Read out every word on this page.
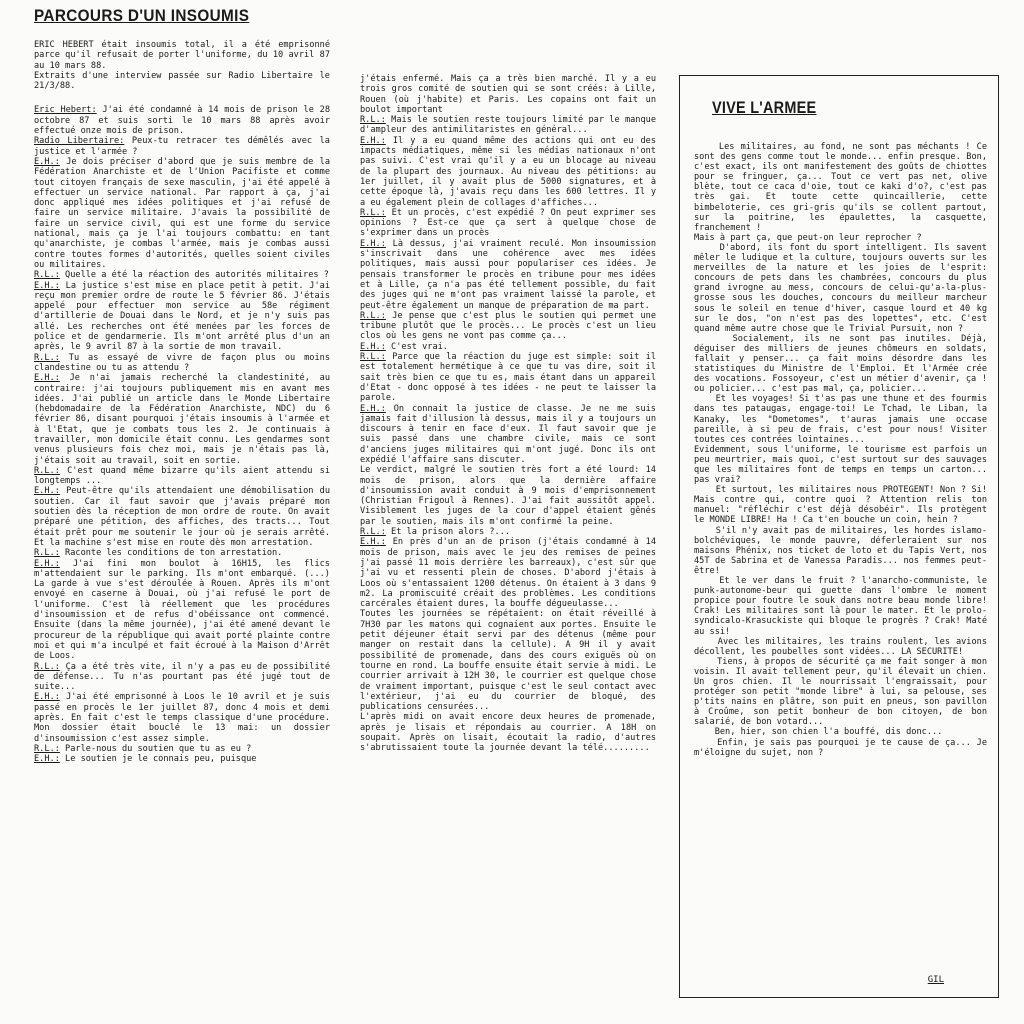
PARCOURS D'UN INSOUMIS

ERIC HEBERT était insoumis total, il a été emprisonné parce qu'il refusait de porter l'uniforme, du 10 avril 87 au 10 mars 88.

Extraits d'une interview passée sur Radio Libertaire le 21/3/88.

Eric Hebert: J'ai été condamné à 14 mois de prison le 28 octobre 87 et suis sorti le 10 mars 88 après avoir effectué onze mois de prison.

Radio Libertaire: Peux-tu retracer tes démêlés avec la justice et l'armée ?

E.H.: Je dois préciser d'abord que je suis membre de la Fédération Anarchiste et de l'Union Pacifiste et comme tout citoyen français de sexe masculin, j'ai été appelé à effectuer un service national. Par rapport à ça, j'ai donc appliqué mes idées politiques et j'ai refusé de faire un service militaire. J'avais la possibilité de faire un service civil, qui est une forme du service national, mais ça je l'ai toujours combattu: en tant qu'anarchiste, je combas l'armée, mais je combas aussi contre toutes formes d'autorités, quelles soient civiles ou militaires.

R.L.: Quelle a été la réaction des autorités militaires ?

E.H.: La justice s'est mise en place petit à petit. J'ai reçu mon premier ordre de route le 5 février 86. J'étais appelé pour effectuer mon service au 58e régiment d'artillerie de Douai dans le Nord, et je n'y suis pas allé. Les recherches ont été menées par les forces de police et de gendarmerie. Ils m'ont arrêté plus d'un an après, le 9 avril 87 à la sortie de mon travail.

R.L.: Tu as essayé de vivre de façon plus ou moins clandestine ou tu as attendu ?

E.H.: Je n'ai jamais recherché la clandestinité, au contraire: j'ai toujours publiquement mis en avant mes idées. J'ai publié un article dans le Monde Libertaire (hebdomadaire de la Fédération Anarchiste, NDC) du 6 février 86, disant pourquoi j'étais insoumis à l'armée et à l'Etat, que je combats tous les 2. Je continuais à travailler, mon domicile était connu. Les gendarmes sont venus plusieurs fois chez moi, mais je n'étais pas là, j'étais soit au travail, soit en sortie.

R.L.: C'est quand même bizarre qu'ils aient attendu si longtemps ...

E.H.: Peut-être qu'ils attendaient une démobilisation du soutien. Car il faut savoir que j'avais préparé mon soutien dès la réception de mon ordre de route. On avait préparé une pétition, des affiches, des tracts... Tout était prêt pour me soutenir le jour où je serais arrêté. Et la machine s'est mise en route dès mon arrestation.

R.L.: Raconte les conditions de ton arrestation.

E.H.: J'ai fini mon boulot à 16H15, les flics m'attendaient sur le parking. Ils m'ont embarqué. (...) La garde à vue s'est déroulée à Rouen. Après ils m'ont envoyé en caserne à Douai, où j'ai refusé le port de l'uniforme. C'est là réellement que les procédures d'insoumission et de refus d'obéissance ont commencé. Ensuite (dans la même journée), j'ai été amené devant le procureur de la république qui avait porté plainte contre moi et qui m'a inculpé et fait écroué à la Maison d'Arrêt de Loos.

R.L.: Ça a été très vite, il n'y a pas eu de possibilité de défense... Tu n'as pourtant pas été jugé tout de suite...

E.H.: J'ai été emprisonné à Loos le 10 avril et je suis passé en procès le 1er juillet 87, donc 4 mois et demi après. En fait c'est le temps classique d'une procédure. Mon dossier était bouclé le 13 mai: un dossier d'insoumission c'est assez simple.

R.L.: Parle-nous du soutien que tu as eu ?

E.H.: Le soutien je le connais peu, puisque

j'étais enfermé. Mais ça a très bien marché. Il y a eu trois gros comité de soutien qui se sont créés: à Lille, Rouen (où j'habite) et Paris. Les copains ont fait un boulot important

R.L.: Mais le soutien reste toujours limité par le manque d'ampleur des antimilitaristes en général...

E.H.: Il y a eu quand même des actions qui ont eu des impacts médiatiques, même si les médias nationaux n'ont pas suivi. C'est vrai qu'il y a eu un blocage au niveau de la plupart des journaux. Au niveau des pétitions: au 1er juillet, il y avait plus de 5000 signatures, et à cette époque là, j'avais reçu dans les 600 lettres. Il y a eu également plein de collages d'affiches...

R.L.: Et un procès, c'est expédié ? On peut exprimer ses opinions ? Est-ce que ça sert à quelque chose de s'exprimer dans un procès

E.H.: Là dessus, j'ai vraiment reculé. Mon insoumission s'inscrivait dans une cohérence avec mes idées politiques, mais aussi pour populariser ces idées. Je pensais transformer le procès en tribune pour mes idées et à Lille, ça n'a pas été tellement possible, du fait des juges qui ne m'ont pas vraiment laissé la parole, et peut-être également un manque de préparation de ma part.

R.L.: Je pense que c'est plus le soutien qui permet une tribune plutôt que le procès... Le procès c'est un lieu clos où les gens ne vont pas comme ça...

E.H.: C'est vrai.

R.L.: Parce que la réaction du juge est simple: soit il est totalement hermétique à ce que tu vas dire, soit il sait très bien ce que tu es, mais étant dans un appareil d'Etat - donc opposé à tes idées - ne peut te laisser la parole.

E.H.: On connait la justice de classe. Je ne me suis jamais fait d'illusion là dessus, mais il y a toujours un discours à tenir en face d'eux. Il faut savoir que je suis passé dans une chambre civile, mais ce sont d'anciens juges militaires qui m'ont jugé. Donc ils ont expédié l'affaire sans discuter.

Le verdict, malgré le soutien très fort a été lourd: 14 mois de prison, alors que la dernière affaire d'insoumission avait conduit à 9 mois d'emprisonnement (Christian Frigoul à Rennes). J'ai fait aussitôt appel. Visiblement les juges de la cour d'appel étaient gênés par le soutien, mais ils m'ont confirmé la peine.

R.L.: Et la prison alors ?...

E.H.: En près d'un an de prison (j'étais condamné à 14 mois de prison, mais avec le jeu des remises de peines j'ai passé 11 mois derrière les barreaux), c'est sûr que j'ai vu et ressenti plein de choses. D'abord j'étais à Loos où s'entassaient 1200 détenus. On étaient à 3 dans 9 m2. La promiscuité créait des problèmes. Les conditions carcérales étaient dures, la bouffe dégueulasse...

Toutes les journées se répétaient: on était réveillé à 7H30 par les matons qui cognaient aux portes. Ensuite le petit déjeuner était servi par des détenus (même pour manger on restait dans la cellule). A 9H il y avait possibilité de promenade, dans des cours exiguës où on tourne en rond. La bouffe ensuite était servie à midi. Le courrier arrivait à 12H 30, le courrier est quelque chose de vraiment important, puisque c'est le seul contact avec l'extérieur, j'ai eu du courrier de bloqué, des publications censurées...

L'après midi on avait encore deux heures de promenade, après je lisais et répondais au courrier. A 18H on soupait. Après on lisait, écoutait la radio, d'autres s'abrutissaient toute la journée devant la télé.........

VIVE L'ARMEE

Les militaires, au fond, ne sont pas méchants ! Ce sont des gens comme tout le monde... enfin presque. Bon, c'est exact, ils ont manifestement des goûts de chiottes pour se fringuer, ça... Tout ce vert pas net, olive blète, tout ce caca d'oie, tout ce kaki d'o?, c'est pas très gai. Et toute cette quincaillerie, cette bimbeloterie, ces gri-gris qu'ils se collent partout, sur la poitrine, les épaulettes, la casquette, franchement !

Mais à part ça, que peut-on leur reprocher ?

D'abord, ils font du sport intelligent. Ils savent mêler le ludique et la culture, toujours ouverts sur les merveilles de la nature et les joies de l'esprit: concours de pets dans les chambrées, concours du plus grand ivrogne au mess, concours de celui-qu'a-la-plus-grosse sous les douches, concours du meilleur marcheur sous le soleil en tenue d'hiver, casque lourd et 40 kg sur le dos, "on n'est pas des lopettes", etc. C'est quand même autre chose que le Trivial Pursuit, non ?

Socialement, ils ne sont pas inutiles. Déjà, déguiser des milliers de jeunes chômeurs en soldats, fallait y penser... ça fait moins désordre dans les statistiques du Ministre de l'Emploi. Et l'Armée crée des vocations. Fossoyeur, c'est un métier d'avenir, ça ! ou policier... c'est pas mal, ça, policier...

Et les voyages! Si t'as pas une thune et des fourmis dans tes pataugas, engage-toi! Le Tchad, le Liban, la Kanaky, les "Dometomes", t'auras jamais une occase pareille, à si peu de frais, c'est pour nous! Visiter toutes ces contrées lointaines...

Evidemment, sous l'uniforme, le tourisme est parfois un peu meurtrier, mais quoi, c'est surtout sur des sauvages que les militaires font de temps en temps un carton... pas vrai?

Et surtout, les militaires nous PROTEGENT! Non ? Si! Mais contre qui, contre quoi ? Attention relis ton manuel: "réfléchir c'est déjà désobéir". Ils protègent le MONDE LIBRE! Ha ! Ca t'en bouche un coin, hein ?

S'il n'y avait pas de militaires, les hordes islamo-bolchéviques, le monde pauvre, déferleraient sur nos maisons Phénix, nos ticket de loto et du Tapis Vert, nos 45T de Sabrina et de Vanessa Paradis... nos femmes peut-être!

Et le ver dans le fruit ? l'anarcho-communiste, le punk-autonome-beur qui guette dans l'ombre le moment propice pour foutre le souk dans notre beau monde libre! Crak! Les militaires sont là pour le mater. Et le prolo-syndicalo-Krasuckiste qui bloque le progrès ? Crak! Maté au ssi!

Avec les militaires, les trains roulent, les avions décollent, les poubelles sont vidées... LA SECURITE!

Tiens, à propos de sécurité ça me fait songer à mon voisin. Il avait tellement peur, qu'il élevait un chien. Un gros chien. Il le nourrissait l'engraissait, pour protéger son petit "monde libre" à lui, sa pelouse, ses p'tits nains en plâtre, son puit en pneus, son pavillon à Croûme, son petit bonheur de bon citoyen, de bon salarié, de bon votard...

Ben, hier, son chien l'a bouffé, dis donc...

Enfin, je sais pas pourquoi je te cause de ça... Je m'éloigne du sujet, non ?

GIL
